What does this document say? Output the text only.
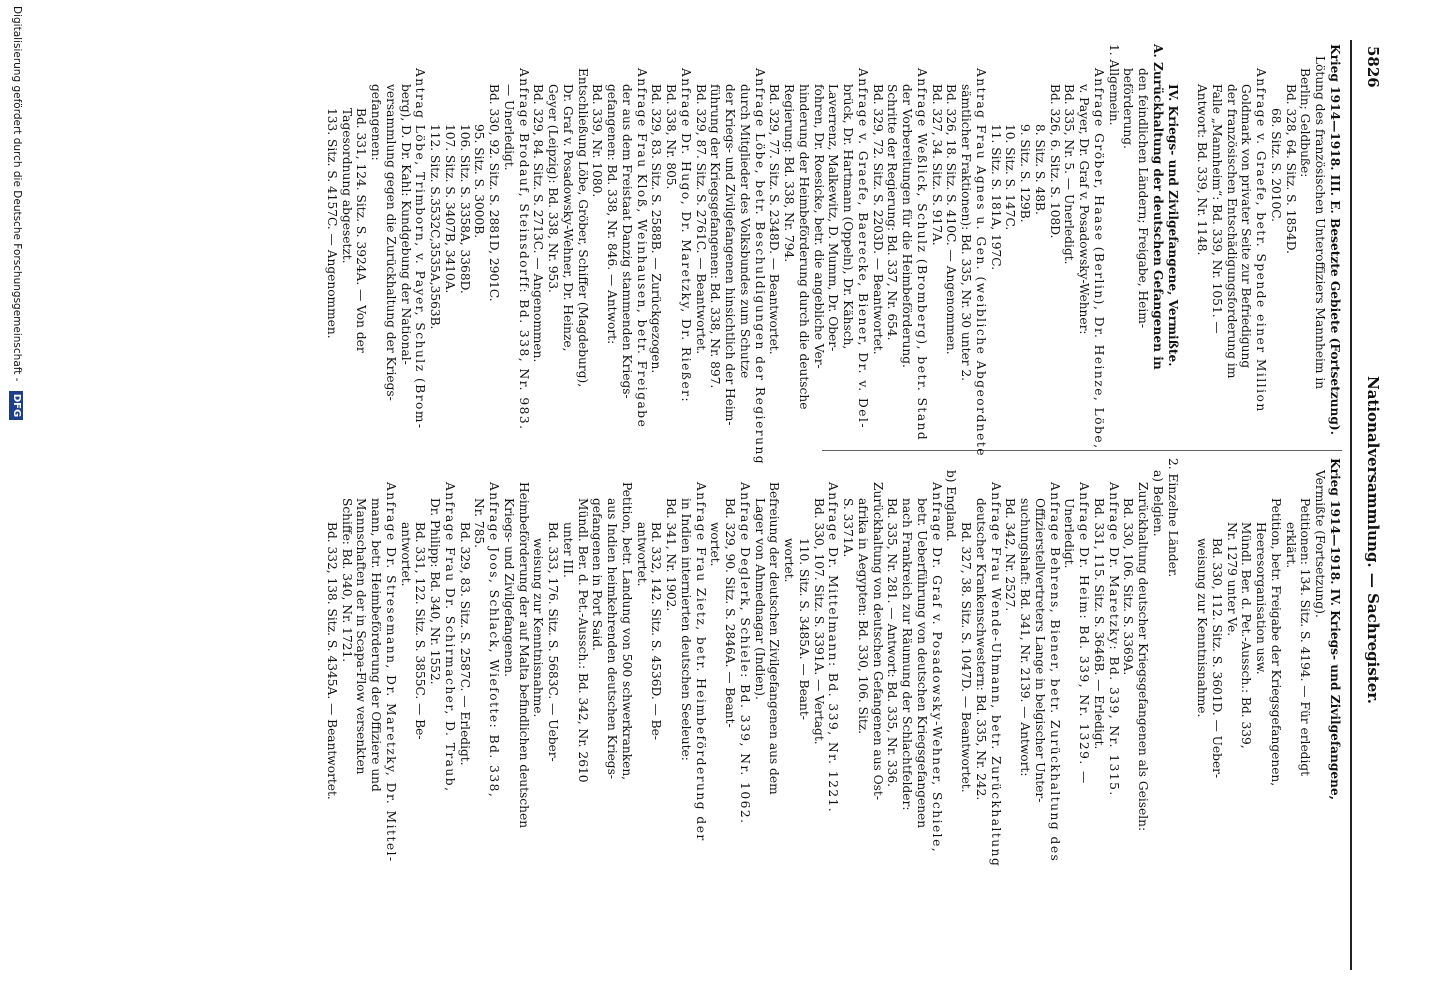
5826
Nationalversammlung. — Sachregister.
Krieg 1914—1918. III. E. Besetzte Gebiete (Fortsetzung).
Lötung des französischen Unteroffiziers Mannheim in
Berlin; Geldbuße:
Bd. 328, 64. Sitz. S. 1854D.
68. Sitz. S. 2010C.
Anfrage v. Graefe, betr. Spende einer Million
Goldmark von privater Seite zur Befriedigung
der französischen Entschädigungsforderung im
Falle „Mannheim“: Bd. 339, Nr. 1051. —
Antwort: Bd. 339, Nr. 1148.

IV. Kriegs- und Zivilgefangene, Vermißte.
A. Zurückhaltung der deutschen Gefangenen in
den feindlichen Ländern; Freigabe, Heim-
beförderung.
1. Allgemein.
Anfrage Gröber, Haase (Berlin), Dr. Heinze, Löbe,
v. Payer, Dr. Graf v. Posadowsky-Wehner:
Bd. 335, Nr. 5. — Unerledigt.
Bd. 326, 6. Sitz. S. 108D.
8. Sitz. S. 48B.
9. Sitz. S. 129B.
10. Sitz. S. 147C.
11. Sitz. S. 181A, 197C.
Antrag Frau Agnes u. Gen. (weibliche Abgeordnete
sämtlicher Fraktionen): Bd. 335, Nr. 30 unter 2.
Bd. 326, 18. Sitz. S. 410C. — Angenommen.
Bd. 327, 34. Sitz. S. 917A.
Anfrage Weßlick, Schulz (Bromberg), betr. Stand
der Vorbereitungen für die Heimbeförderung.
Schritte der Regierung: Bd. 337, Nr. 654.
Bd. 329, 72. Sitz. S. 2203D. — Beantwortet.
Anfrage v. Graefe, Baerecke, Biener, Dr. v. Del-
brück, Dr. Hartmann (Oppeln), Dr. Kähsch,
Laverrenz, Malkewitz, D. Mumm, Dr. Ober-
fohren, Dr. Roesicke, betr. die angebliche Ver-
hinderung der Heimbeförderung durch die deutsche
Regierung: Bd. 338, Nr. 794.
Bd. 329, 77. Sitz. S. 2348D. — Beantwortet.
Anfrage Löbe, betr. Beschuldigungen der Regierung
durch Mitglieder des Volksbundes zum Schutze
der Kriegs- und Zivilgefangenen hinsichtlich der Heim-
führung der Kriegsgefangenen: Bd. 338, Nr. 897.
Bd. 329, 87. Sitz. S. 2761C. — Beantwortet.
Anfrage Dr. Hugo, Dr. Maretzky, Dr. Rießer:
Bd. 338, Nr. 805.
Bd. 329, 83. Sitz. S. 2588B. — Zurückgezogen.
Anfrage Frau Kloß, Weinhausen, betr. Freigabe
der aus dem Freistaat Danzig stammenden Kriegs-
gefangenen: Bd. 338, Nr. 846. — Antwort:
Bd. 339, Nr. 1080.
Entschließung Löbe, Gröber, Schiffer (Magdeburg),
Dr. Graf v. Posadowsky-Wehner, Dr. Heinze,
Geyer (Leipzig): Bd. 338, Nr. 953.
Bd. 329, 84. Sitz. S. 2713C. — Angenommen.
Anfrage Brodauf, Steinsdorff: Bd. 338, Nr. 983.
— Unerledigt.
Bd. 330, 92. Sitz. S. 2881D, 2901C.
95. Sitz. S. 3000B.
106. Sitz. S. 3358A, 3368D.
107. Sitz. S. 3407B, 3410A.
112. Sitz. S.3532C,3535A,3563B.
Antrag Löbe, Trimborn, v. Payer, Schulz (Brom-
berg), D. Dr. Kahl: Kundgebung der National-
versammlung gegen die Zurückhaltung der Kriegs-
gefangenen:
Bd. 331, 124. Sitz. S. 3924A. — Von der
Tagesordnung abgesetzt.
133. Sitz. S. 4157C. — Angenommen.
Krieg 1914—1918. IV. Kriegs- und Zivilgefangene,
Vermißte (Fortsetzung).
Petitionen: 134. Sitz. S. 4194. — Für erledigt
erklärt.
Petition, betr. Freigabe der Kriegsgefangenen,
Heeresorganisation usw.
Mündl. Ber. d. Pet.-Aussch.: Bd. 339,
Nr. 1279 unter Ve.
Bd. 330, 112. Sitz. S. 3601D. — Ueber-
weisung zur Kenntnisnahme.

2. Einzelne Länder.
a) Belgien.
Zurückhaltung deutscher Kriegsgefangenen als Geiseln:
Bd. 330, 106. Sitz. S. 3369A.
Anfrage Dr. Maretzky: Bd. 339, Nr. 1315.
Bd. 331, 115. Sitz. S. 3646B. — Erledigt.
Anfrage Dr. Heim: Bd. 339, Nr. 1329. —
Unerledigt.
Anfrage Behrens, Biener, betr. Zurückhaltung des
Offizierstellvertreters Lange in belgischer Unter-
suchungshaft: Bd. 341, Nr. 2139. — Antwort:
Bd. 342, Nr. 2527.
Anfrage Frau Wende-Uhmann, betr. Zurückhaltung
deutscher Krankenschwestern: Bd. 335, Nr. 242.
Bd. 327, 38. Sitz. S. 1047D. — Beantwortet.
b) England.
Anfrage Dr. Graf v. Posadowsky-Wehner, Schiele,
betr. Ueberführung von deutschen Kriegsgefangenen
nach Frankreich zur Räumung der Schlachtfelder:
Bd. 335, Nr. 281. — Antwort: Bd. 335, Nr. 336.
Zurückhaltung von deutschen Gefangenen aus Ost-
afrika in Aegypten: Bd. 330, 106. Sitz.
S. 3371A.
Anfrage Dr. Mittelmann: Bd. 339, Nr. 1221.
Bd. 330, 107. Sitz. S. 3391A. — Vertagt.
110. Sitz. S. 3485A. — Beant-
wortet.
Befreiung der deutschen Zivilgefangenen aus dem
Lager von Ahmednagar (Indien).
Anfrage Deglerk, Schiele: Bd. 339, Nr. 1062.
Bd. 329, 90. Sitz. S. 2846A. — Beant-
wortet.
Anfrage Frau Zietz, betr. Heimbeförderung der
in Indien internierten deutschen Seeleute:
Bd. 341, Nr. 1902.
Bd. 332, 142. Sitz. S. 4536D. — Be-
antwortet.
Petition, betr. Landung von 500 schwerkranken,
aus Indien heimkehrenden deutschen Kriegs-
gefangenen in Port Said.
Mündl. Ber. d. Pet.-Aussch.: Bd. 342, Nr. 2610
unter III.
Bd. 333, 176. Sitz. S. 5683C. — Ueber-
weisung zur Kenntnisnahme.
Heimbeförderung der auf Malta befindlichen deutschen
Kriegs- und Zivilgefangenen.
Anfrage Joos, Schlack, Wiefotte: Bd. 338,
Nr. 785.
Bd. 329, 83. Sitz. S. 2587C. — Erledigt.
Anfrage Frau Dr. Schirmacher, D. Traub,
Dr. Philipp: Bd. 340, Nr. 1552.
Bd. 331, 122. Sitz. S. 3855C. — Be-
antwortet.
Anfrage Dr. Stresemann, Dr. Maretzky, Dr. Mittel-
mann, betr. Heimbeförderung der Offiziere und
Mannschaften der in Scapa-Flow versenkten
Schiffe: Bd. 340, Nr. 1721.
Bd. 332, 138. Sitz. S. 4345A. — Beantwortet.
Digitalisierung gefördert durch die Deutsche Forschungsgemeinschaft - DFG
